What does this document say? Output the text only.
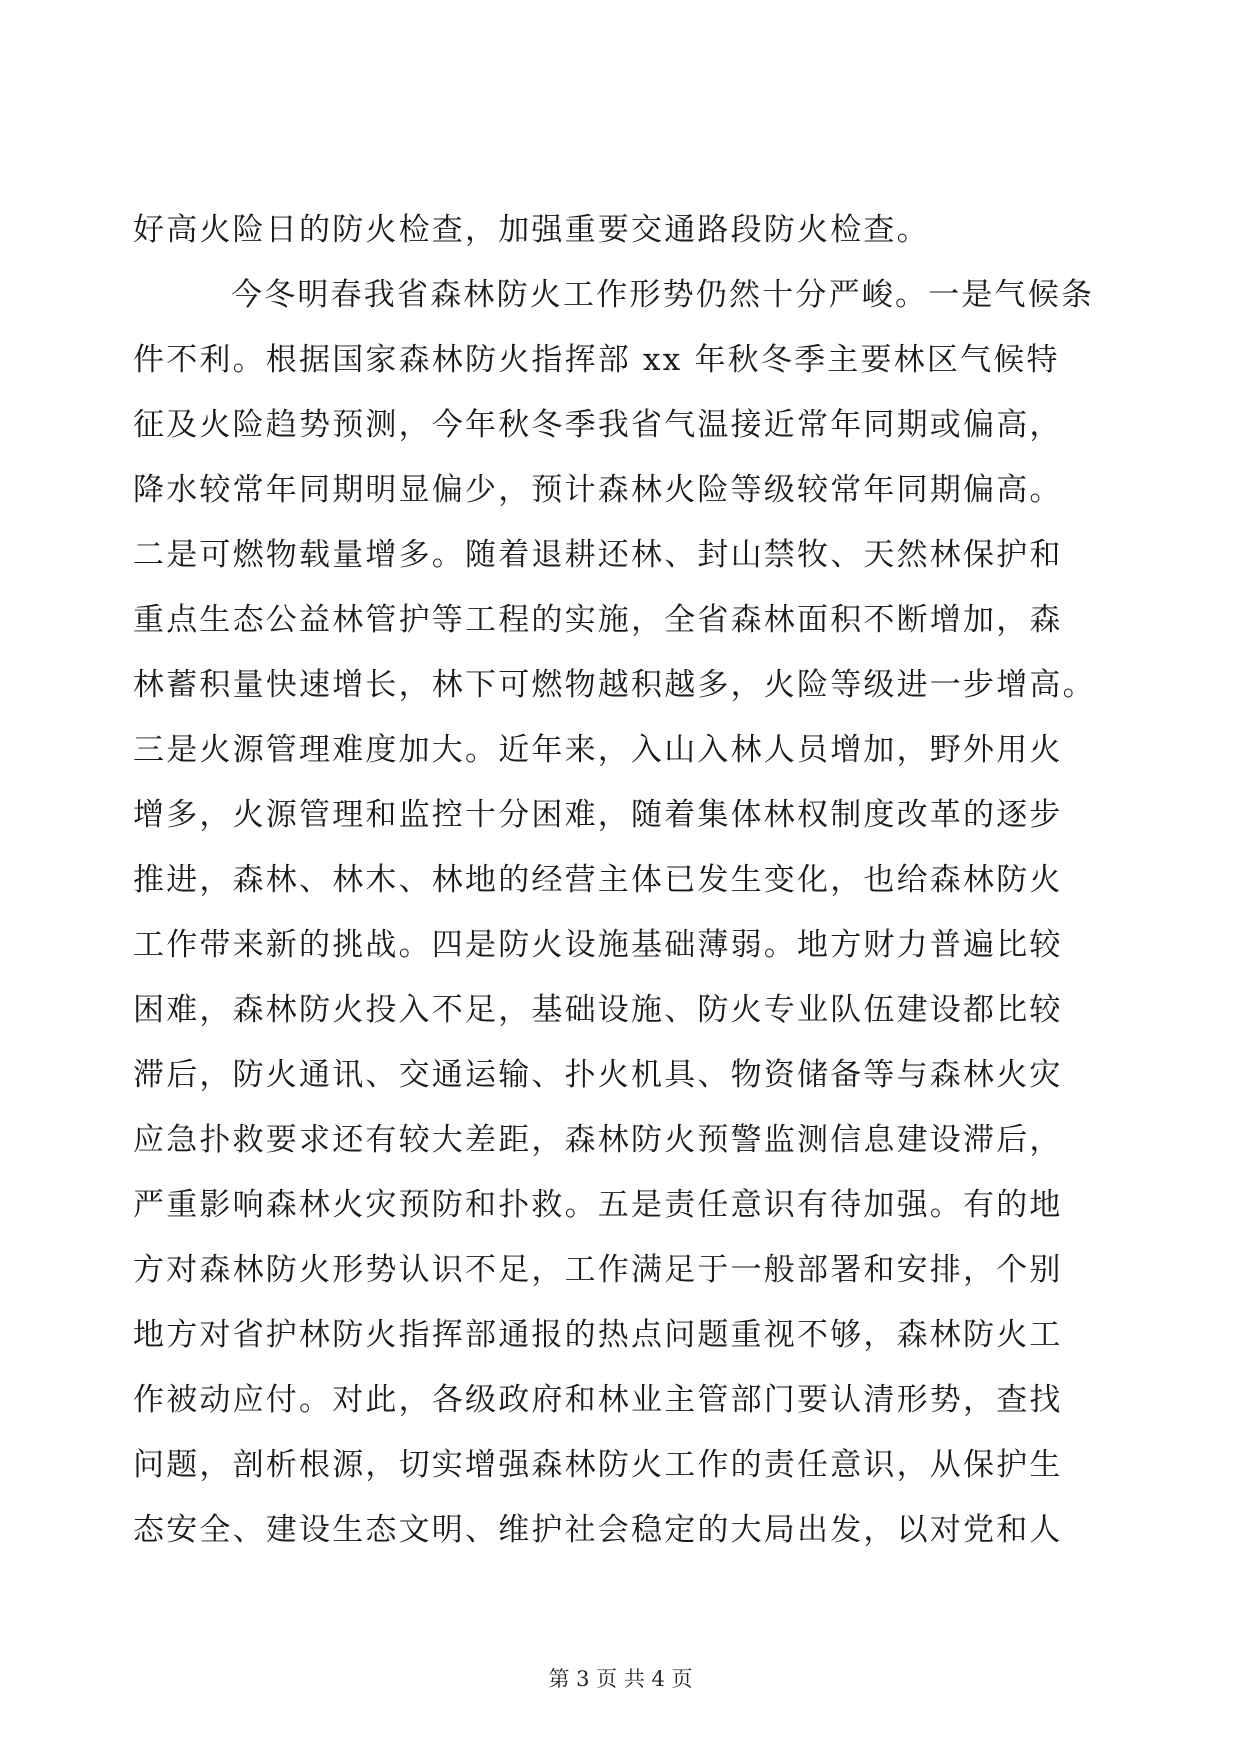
好高火险日的防火检查，加强重要交通路段防火检查。
今冬明春我省森林防火工作形势仍然十分严峻。一是气候条
件不利。根据国家森林防火指挥部 xx 年秋冬季主要林区气候特
征及火险趋势预测，今年秋冬季我省气温接近常年同期或偏高，
降水较常年同期明显偏少，预计森林火险等级较常年同期偏高。
二是可燃物载量增多。随着退耕还林、封山禁牧、天然林保护和
重点生态公益林管护等工程的实施，全省森林面积不断增加，森
林蓄积量快速增长，林下可燃物越积越多，火险等级进一步增高。
三是火源管理难度加大。近年来，入山入林人员增加，野外用火
增多，火源管理和监控十分困难，随着集体林权制度改革的逐步
推进，森林、林木、林地的经营主体已发生变化，也给森林防火
工作带来新的挑战。四是防火设施基础薄弱。地方财力普遍比较
困难，森林防火投入不足，基础设施、防火专业队伍建设都比较
滞后，防火通讯、交通运输、扑火机具、物资储备等与森林火灾
应急扑救要求还有较大差距，森林防火预警监测信息建设滞后，
严重影响森林火灾预防和扑救。五是责任意识有待加强。有的地
方对森林防火形势认识不足，工作满足于一般部署和安排，个别
地方对省护林防火指挥部通报的热点问题重视不够，森林防火工
作被动应付。对此，各级政府和林业主管部门要认清形势，查找
问题，剖析根源，切实增强森林防火工作的责任意识，从保护生
态安全、建设生态文明、维护社会稳定的大局出发，以对党和人
第 3 页 共 4 页
